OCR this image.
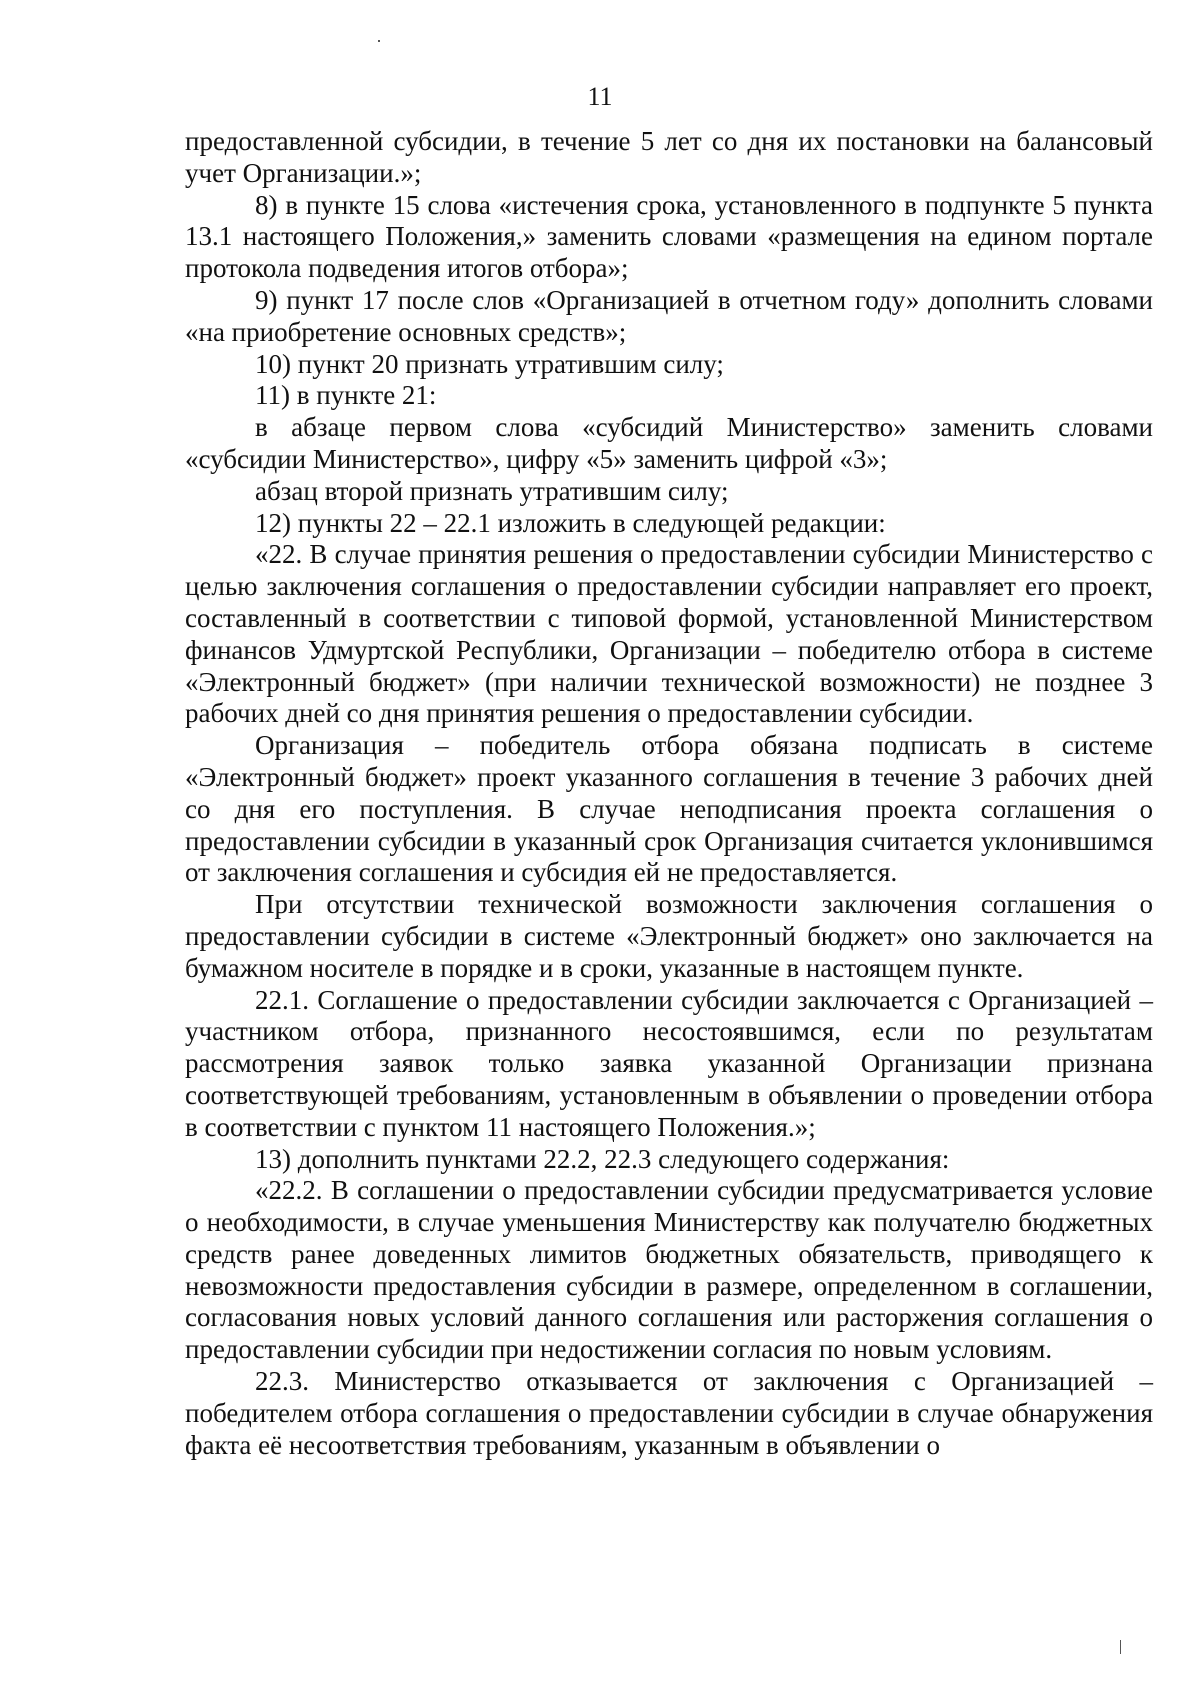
11

предоставленной субсидии, в течение 5 лет со дня их постановки на балансовый учет Организации.»;

8) в пункте 15 слова «истечения срока, установленного в подпункте 5 пункта 13.1 настоящего Положения,» заменить словами «размещения на едином портале протокола подведения итогов отбора»;

9) пункт 17 после слов «Организацией в отчетном году» дополнить словами «на приобретение основных средств»;

10) пункт 20 признать утратившим силу;

11) в пункте 21:

в абзаце первом слова «субсидий Министерство» заменить словами «субсидии Министерство», цифру «5» заменить цифрой «3»;

абзац второй признать утратившим силу;

12) пункты 22 – 22.1 изложить в следующей редакции:

«22. В случае принятия решения о предоставлении субсидии Министерство с целью заключения соглашения о предоставлении субсидии направляет его проект, составленный в соответствии с типовой формой, установленной Министерством финансов Удмуртской Республики, Организации – победителю отбора в системе «Электронный бюджет» (при наличии технической возможности) не позднее 3 рабочих дней со дня принятия решения о предоставлении субсидии.

Организация – победитель отбора обязана подписать в системе «Электронный бюджет» проект указанного соглашения в течение 3 рабочих дней со дня его поступления. В случае неподписания проекта соглашения о предоставлении субсидии в указанный срок Организация считается уклонившимся от заключения соглашения и субсидия ей не предоставляется.

При отсутствии технической возможности заключения соглашения о предоставлении субсидии в системе «Электронный бюджет» оно заключается на бумажном носителе в порядке и в сроки, указанные в настоящем пункте.

22.1. Соглашение о предоставлении субсидии заключается с Организацией – участником отбора, признанного несостоявшимся, если по результатам рассмотрения заявок только заявка указанной Организации признана соответствующей требованиям, установленным в объявлении о проведении отбора в соответствии с пунктом 11 настоящего Положения.»;

13) дополнить пунктами 22.2, 22.3 следующего содержания:

«22.2. В соглашении о предоставлении субсидии предусматривается условие о необходимости, в случае уменьшения Министерству как получателю бюджетных средств ранее доведенных лимитов бюджетных обязательств, приводящего к невозможности предоставления субсидии в размере, определенном в соглашении, согласования новых условий данного соглашения или расторжения соглашения о предоставлении субсидии при недостижении согласия по новым условиям.

22.3. Министерство отказывается от заключения с Организацией – победителем отбора соглашения о предоставлении субсидии в случае обнаружения факта её несоответствия требованиям, указанным в объявлении о
